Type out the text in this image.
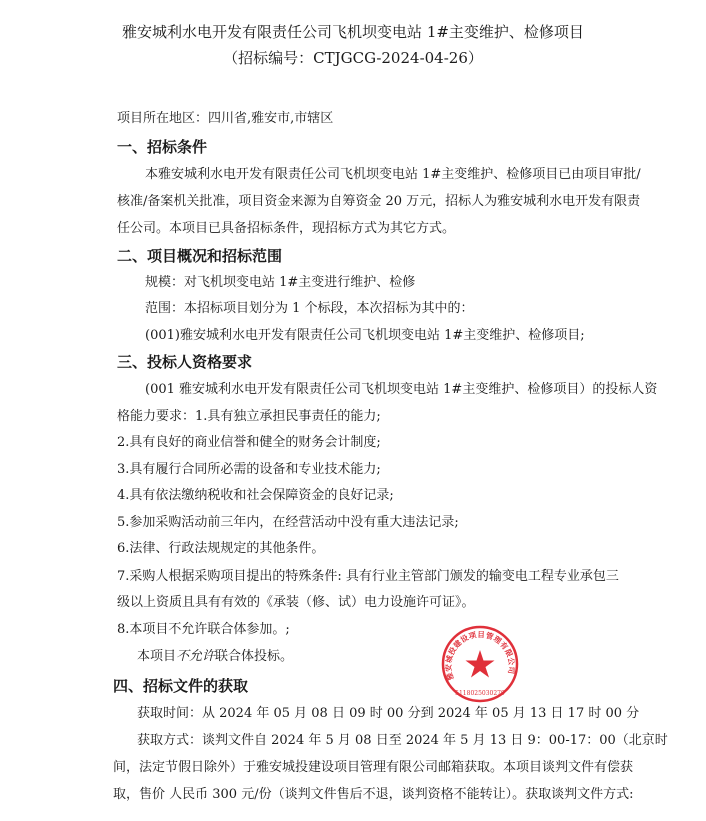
雅安城利水电开发有限责任公司飞机坝变电站 1#主变维护、检修项目
（招标编号：CTJGCG-2024-04-26）
项目所在地区：四川省,雅安市,市辖区
一、招标条件
本雅安城利水电开发有限责任公司飞机坝变电站 1#主变维护、检修项目已由项目审批/
核准/备案机关批准，项目资金来源为自筹资金 20 万元，招标人为雅安城利水电开发有限责
任公司。本项目已具备招标条件，现招标方式为其它方式。
二、项目概况和招标范围
规模：对飞机坝变电站 1#主变进行维护、检修
范围：本招标项目划分为 1 个标段，本次招标为其中的：
(001)雅安城利水电开发有限责任公司飞机坝变电站 1#主变维护、检修项目;
三、投标人资格要求
(001 雅安城利水电开发有限责任公司飞机坝变电站 1#主变维护、检修项目）的投标人资
格能力要求：1.具有独立承担民事责任的能力;
2.具有良好的商业信誉和健全的财务会计制度;
3.具有履行合同所必需的设备和专业技术能力;
4.具有依法缴纳税收和社会保障资金的良好记录;
5.参加采购活动前三年内，在经营活动中没有重大违法记录;
6.法律、行政法规规定的其他条件。
7.采购人根据采购项目提出的特殊条件: 具有行业主管部门颁发的输变电工程专业承包三
级以上资质且具有有效的《承装（修、试）电力设施许可证》。
8.本项目不允许联合体参加。;
本项目不允许联合体投标。
四、招标文件的获取
获取时间：从 2024 年 05 月 08 日 09 时 00 分到 2024 年 05 月 13 日 17 时 00 分
获取方式：谈判文件自 2024 年 5 月 08 日至 2024 年 5 月 13 日 9：00-17：00（北京时
间，法定节假日除外）于雅安城投建设项目管理有限公司邮箱获取。本项目谈判文件有偿获
取，售价 人民币 300 元/份（谈判文件售后不退，谈判资格不能转让）。获取谈判文件方式:
雅安城投建设项目管理有限公司
5118025030279
